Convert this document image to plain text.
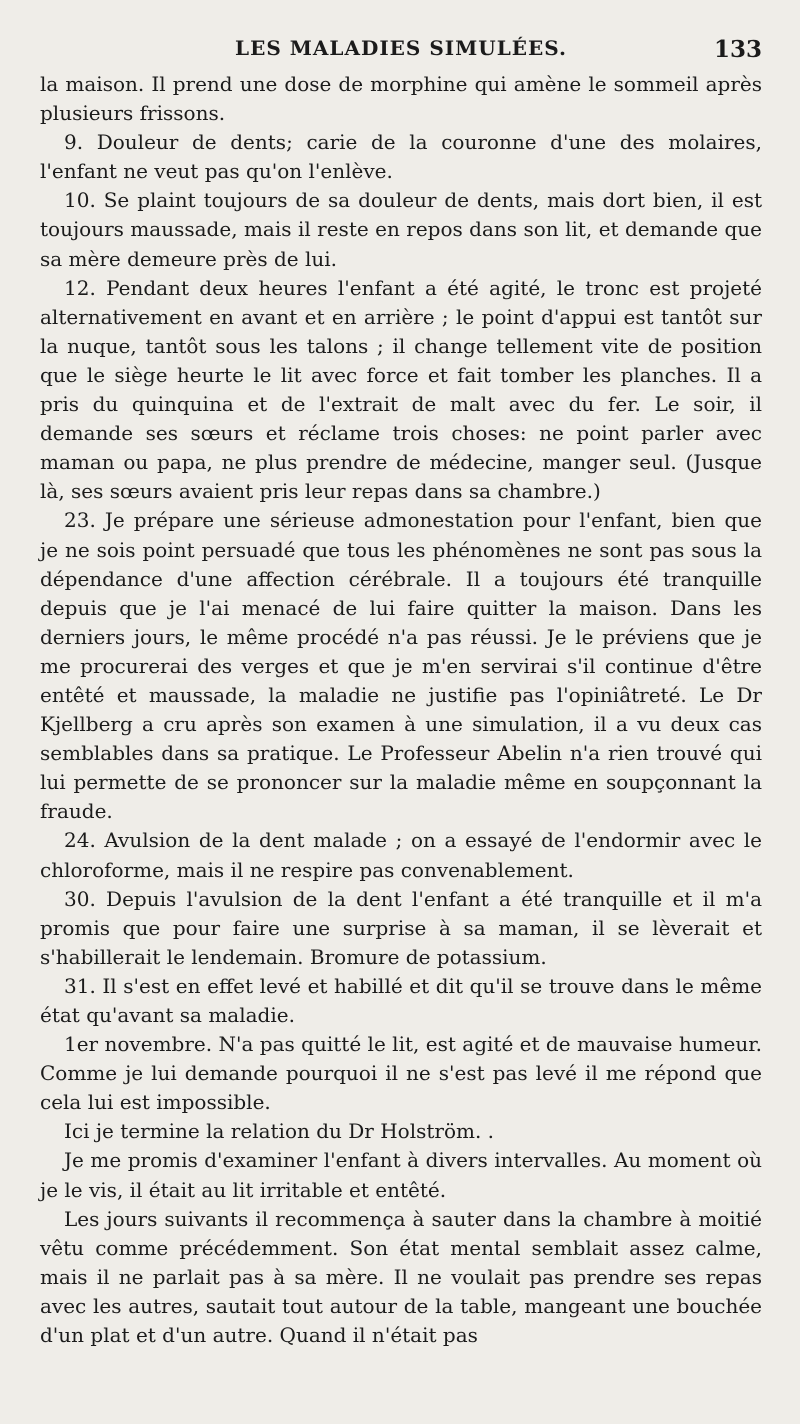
LES MALADIES SIMULÉES.	133

la maison. Il prend une dose de morphine qui amène le sommeil après plusieurs frissons.

9. Douleur de dents; carie de la couronne d'une des molaires, l'enfant ne veut pas qu'on l'enlève.

10. Se plaint toujours de sa douleur de dents, mais dort bien, il est toujours maussade, mais il reste en repos dans son lit, et demande que sa mère demeure près de lui.

12. Pendant deux heures l'enfant a été agité, le tronc est projeté alternativement en avant et en arrière ; le point d'appui est tantôt sur la nuque, tantôt sous les talons ; il change tellement vite de position que le siège heurte le lit avec force et fait tomber les planches. Il a pris du quinquina et de l'extrait de malt avec du fer. Le soir, il demande ses sœurs et réclame trois choses: ne point parler avec maman ou papa, ne plus prendre de médecine, manger seul. (Jusque là, ses sœurs avaient pris leur repas dans sa chambre.)

23. Je prépare une sérieuse admonestation pour l'enfant, bien que je ne sois point persuadé que tous les phénomènes ne sont pas sous la dépendance d'une affection cérébrale. Il a toujours été tranquille depuis que je l'ai menacé de lui faire quitter la maison. Dans les derniers jours, le même procédé n'a pas réussi. Je le préviens que je me procurerai des verges et que je m'en servirai s'il continue d'être entêté et maussade, la maladie ne justifie pas l'opiniâtreté. Le Dr Kjellberg a cru après son examen à une simulation, il a vu deux cas semblables dans sa pratique. Le Professeur Abelin n'a rien trouvé qui lui permette de se prononcer sur la maladie même en soupçonnant la fraude.

24. Avulsion de la dent malade ; on a essayé de l'endormir avec le chloroforme, mais il ne respire pas convenablement.

30. Depuis l'avulsion de la dent l'enfant a été tranquille et il m'a promis que pour faire une surprise à sa maman, il se lèverait et s'habillerait le lendemain. Bromure de potassium.

31. Il s'est en effet levé et habillé et dit qu'il se trouve dans le même état qu'avant sa maladie.

1er novembre. N'a pas quitté le lit, est agité et de mauvaise humeur. Comme je lui demande pourquoi il ne s'est pas levé il me répond que cela lui est impossible.

Ici je termine la relation du Dr Holström. .

Je me promis d'examiner l'enfant à divers intervalles. Au moment où je le vis, il était au lit irritable et entêté.

Les jours suivants il recommença à sauter dans la chambre à moitié vêtu comme précédemment. Son état mental semblait assez calme, mais il ne parlait pas à sa mère. Il ne voulait pas prendre ses repas avec les autres, sautait tout autour de la table, mangeant une bouchée d'un plat et d'un autre. Quand il n'était pas
